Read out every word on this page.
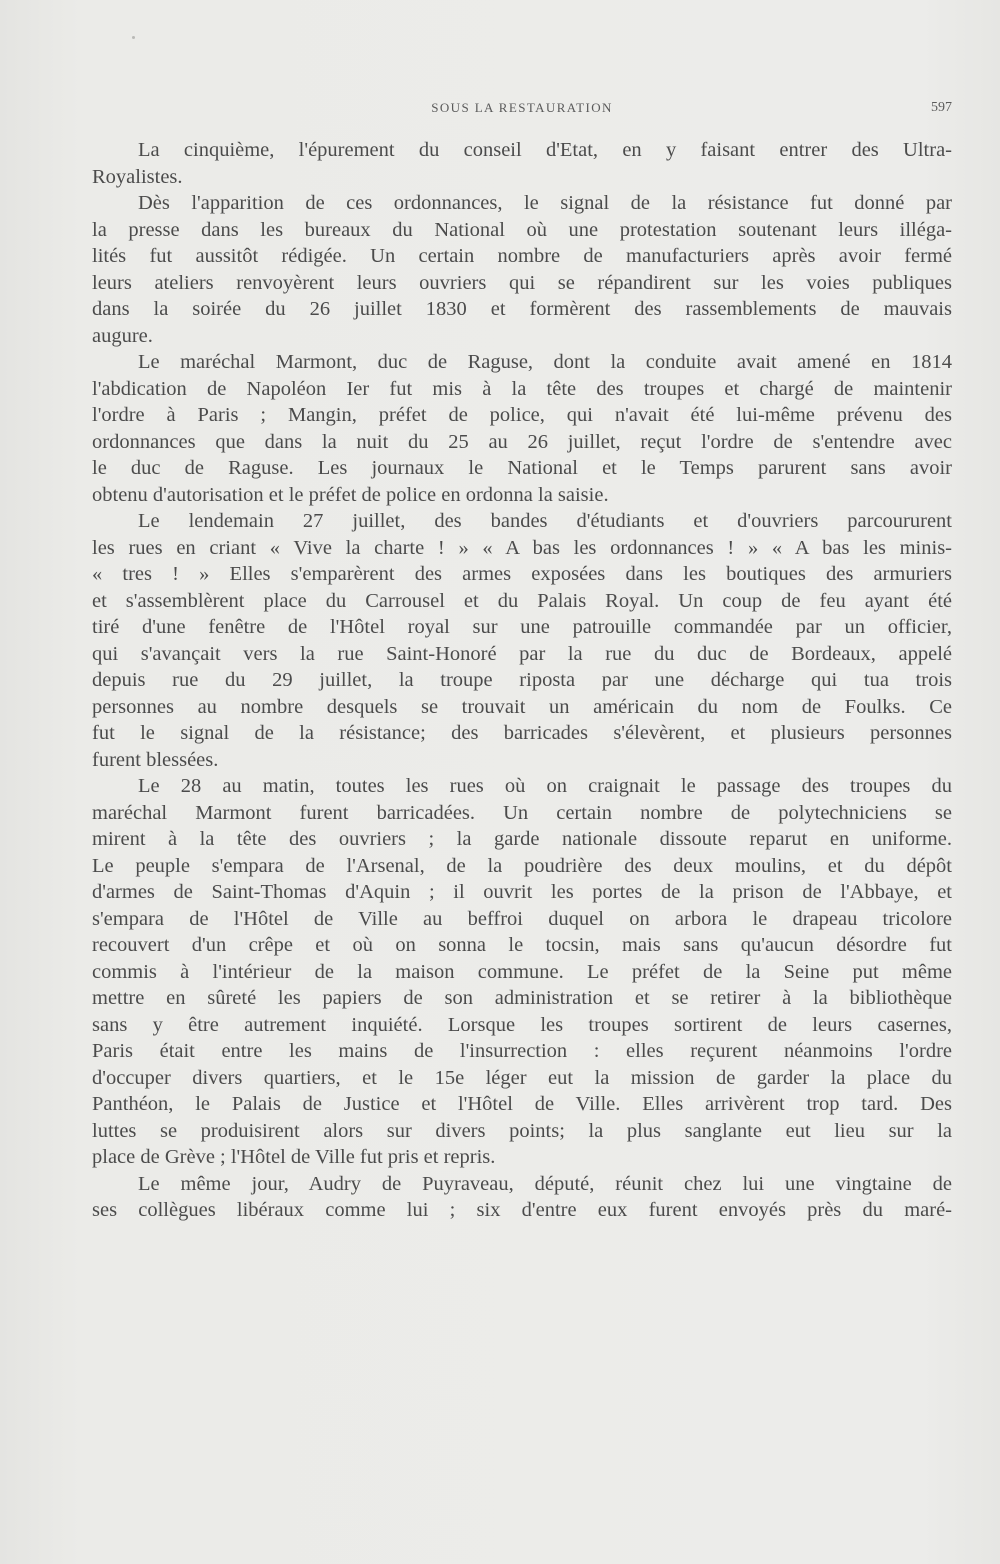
SOUS LA RESTAURATION	597
La cinquième, l'épurement du conseil d'Etat, en y faisant entrer des Ultra-
Royalistes.
Dès l'apparition de ces ordonnances, le signal de la résistance fut donné par
la presse dans les bureaux du National où une protestation soutenant leurs illéga-
lités fut aussitôt rédigée. Un certain nombre de manufacturiers après avoir fermé
leurs ateliers renvoyèrent leurs ouvriers qui se répandirent sur les voies publiques
dans la soirée du 26 juillet 1830 et formèrent des rassemblements de mauvais
augure.
Le maréchal Marmont, duc de Raguse, dont la conduite avait amené en 1814
l'abdication de Napoléon Ier fut mis à la tête des troupes et chargé de maintenir
l'ordre à Paris ; Mangin, préfet de police, qui n'avait été lui-même prévenu des
ordonnances que dans la nuit du 25 au 26 juillet, reçut l'ordre de s'entendre avec
le duc de Raguse. Les journaux le National et le Temps parurent sans avoir
obtenu d'autorisation et le préfet de police en ordonna la saisie.
Le lendemain 27 juillet, des bandes d'étudiants et d'ouvriers parcoururent
les rues en criant « Vive la charte ! » « A bas les ordonnances ! » « A bas les minis-
« tres ! » Elles s'emparèrent des armes exposées dans les boutiques des armuriers
et s'assemblèrent place du Carrousel et du Palais Royal. Un coup de feu ayant été
tiré d'une fenêtre de l'Hôtel royal sur une patrouille commandée par un officier,
qui s'avançait vers la rue Saint-Honoré par la rue du duc de Bordeaux, appelé
depuis rue du 29 juillet, la troupe riposta par une décharge qui tua trois
personnes au nombre desquels se trouvait un américain du nom de Foulks. Ce
fut le signal de la résistance; des barricades s'élevèrent, et plusieurs personnes
furent blessées.
Le 28 au matin, toutes les rues où on craignait le passage des troupes du
maréchal Marmont furent barricadées. Un certain nombre de polytechniciens se
mirent à la tête des ouvriers ; la garde nationale dissoute reparut en uniforme.
Le peuple s'empara de l'Arsenal, de la poudrière des deux moulins, et du dépôt
d'armes de Saint-Thomas d'Aquin ; il ouvrit les portes de la prison de l'Abbaye, et
s'empara de l'Hôtel de Ville au beffroi duquel on arbora le drapeau tricolore
recouvert d'un crêpe et où on sonna le tocsin, mais sans qu'aucun désordre fut
commis à l'intérieur de la maison commune. Le préfet de la Seine put même
mettre en sûreté les papiers de son administration et se retirer à la bibliothèque
sans y être autrement inquiété. Lorsque les troupes sortirent de leurs casernes,
Paris était entre les mains de l'insurrection : elles reçurent néanmoins l'ordre
d'occuper divers quartiers, et le 15e léger eut la mission de garder la place du
Panthéon, le Palais de Justice et l'Hôtel de Ville. Elles arrivèrent trop tard. Des
luttes se produisirent alors sur divers points; la plus sanglante eut lieu sur la
place de Grève ; l'Hôtel de Ville fut pris et repris.
Le même jour, Audry de Puyraveau, député, réunit chez lui une vingtaine de
ses collègues libéraux comme lui ; six d'entre eux furent envoyés près du maré-
